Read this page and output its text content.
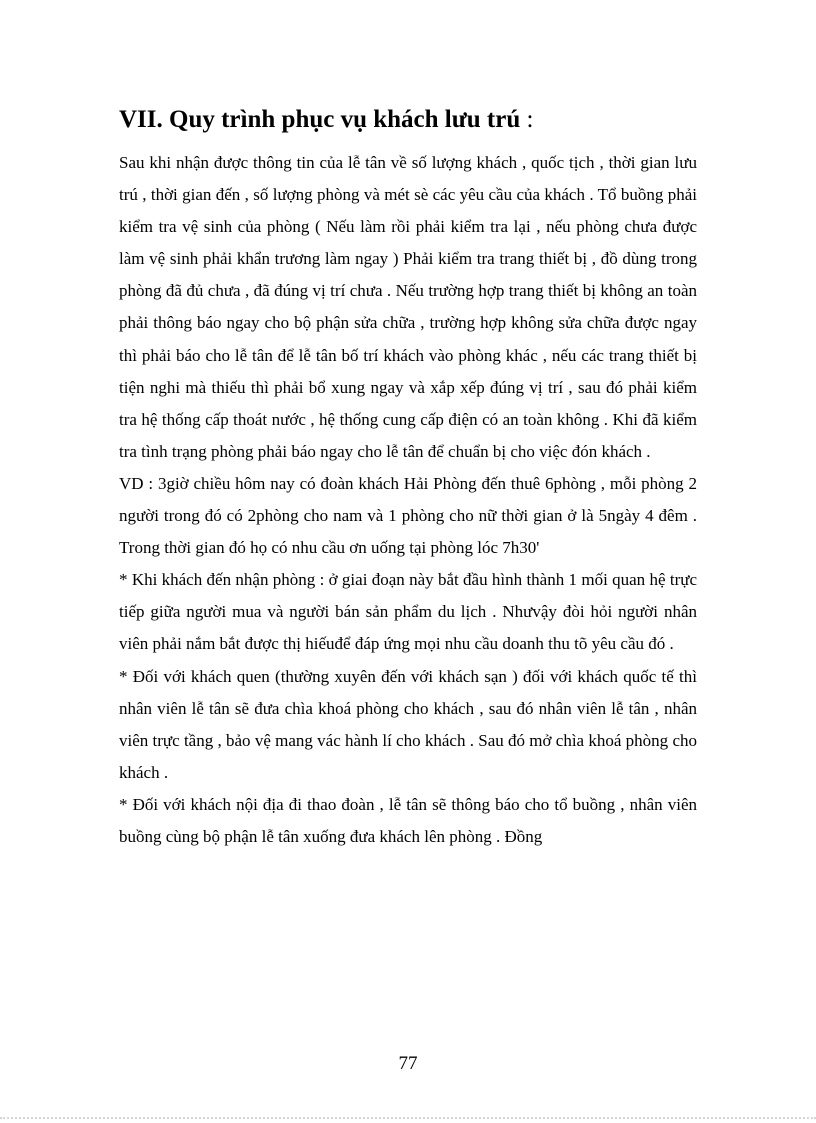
VII. Quy trình phục vụ khách lưu trú :

Sau khi nhận được thông tin của lễ tân về số lượng khách , quốc tịch , thời gian lưu trú , thời gian đến , số lượng phòng và mét sè các yêu cầu của khách . Tổ buồng phải kiểm tra vệ sinh của phòng ( Nếu làm rồi phải kiểm tra lại , nếu phòng chưa được làm vệ sinh phải khẩn trương làm ngay ) Phải kiểm tra trang thiết bị , đồ dùng trong phòng đã đủ chưa , đã đúng vị trí chưa . Nếu trường hợp trang thiết bị không an toàn phải thông báo ngay cho bộ phận sửa chữa , trường hợp không sửa chữa được ngay thì phải báo cho lễ tân để lễ tân bố trí khách vào phòng khác , nếu các trang thiết bị tiện nghi mà thiếu thì phải bổ xung ngay và xắp xếp đúng vị trí , sau đó phải kiểm tra hệ thống cấp thoát nước , hệ thống cung cấp điện có an toàn không . Khi đã kiểm tra tình trạng phòng phải báo ngay cho lễ tân để chuẩn bị cho việc đón khách .

VD : 3giờ chiều hôm nay có đoàn khách Hải Phòng đến thuê 6phòng , mỗi phòng 2 người trong đó có 2phòng cho nam và 1 phòng cho nữ thời gian ở là 5ngày 4 đêm . Trong thời gian đó họ có nhu cầu ơn uống tại phòng lóc 7h30'

* Khi khách đến nhận phòng : ở giai đoạn này bắt đầu hình thành 1 mối quan hệ trực tiếp giữa người mua và người bán sản phẩm du lịch . Nhưvậy đòi hỏi người nhân viên phải nắm bắt được thị hiếuđể đáp ứng mọi nhu cầu doanh thu tõ yêu cầu đó .

* Đối với khách quen (thường xuyên đến với khách sạn ) đối với khách quốc tế thì nhân viên lễ tân sẽ đưa chìa khoá phòng cho khách , sau đó nhân viên lễ tân , nhân viên trực tầng , bảo vệ mang vác hành lí cho khách . Sau đó mở chìa khoá phòng cho khách .

* Đối với khách nội địa đi thao đoàn , lễ tân sẽ thông báo cho tổ buồng , nhân viên buồng cùng bộ phận lễ tân xuống đưa khách lên phòng . Đồng

77
